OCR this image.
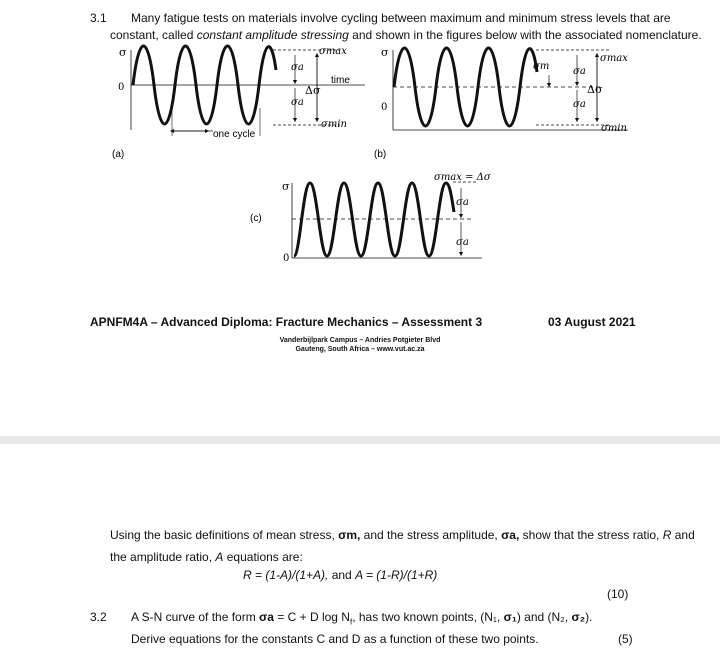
3.1 Many fatigue tests on materials involve cycling between maximum and minimum stress levels that are
constant, called constant amplitude stressing and shown in the figures below with the associated nomenclature.
σ
0
σmax
σmin
σa
σa
Δσ
time
one cycle
(a)
σ
0
σmax
σmin
σm σa
σa
Δσ
(b)
σ
0
σmax = Δσ
σa
σa
(c)
APNFM4A – Advanced Diploma: Fracture Mechanics – Assessment 3	03 August 2021
Vanderbijlpark Campus – Andries Potgieter Blvd
Gauteng, South Africa – www.vut.ac.za
Using the basic definitions of mean stress, σm, and the stress amplitude, σa, show that the stress ratio, R and
the amplitude ratio, A equations are:
R = (1-A)/(1+A), and A = (1-R)/(1+R)
(10)
3.2 A S-N curve of the form σa = C + D $\log N_f$, has two known points, (N₁, σ₁) and (N₂, σ₂).
Derive equations for the constants C and D as a function of these two points.	(5)
